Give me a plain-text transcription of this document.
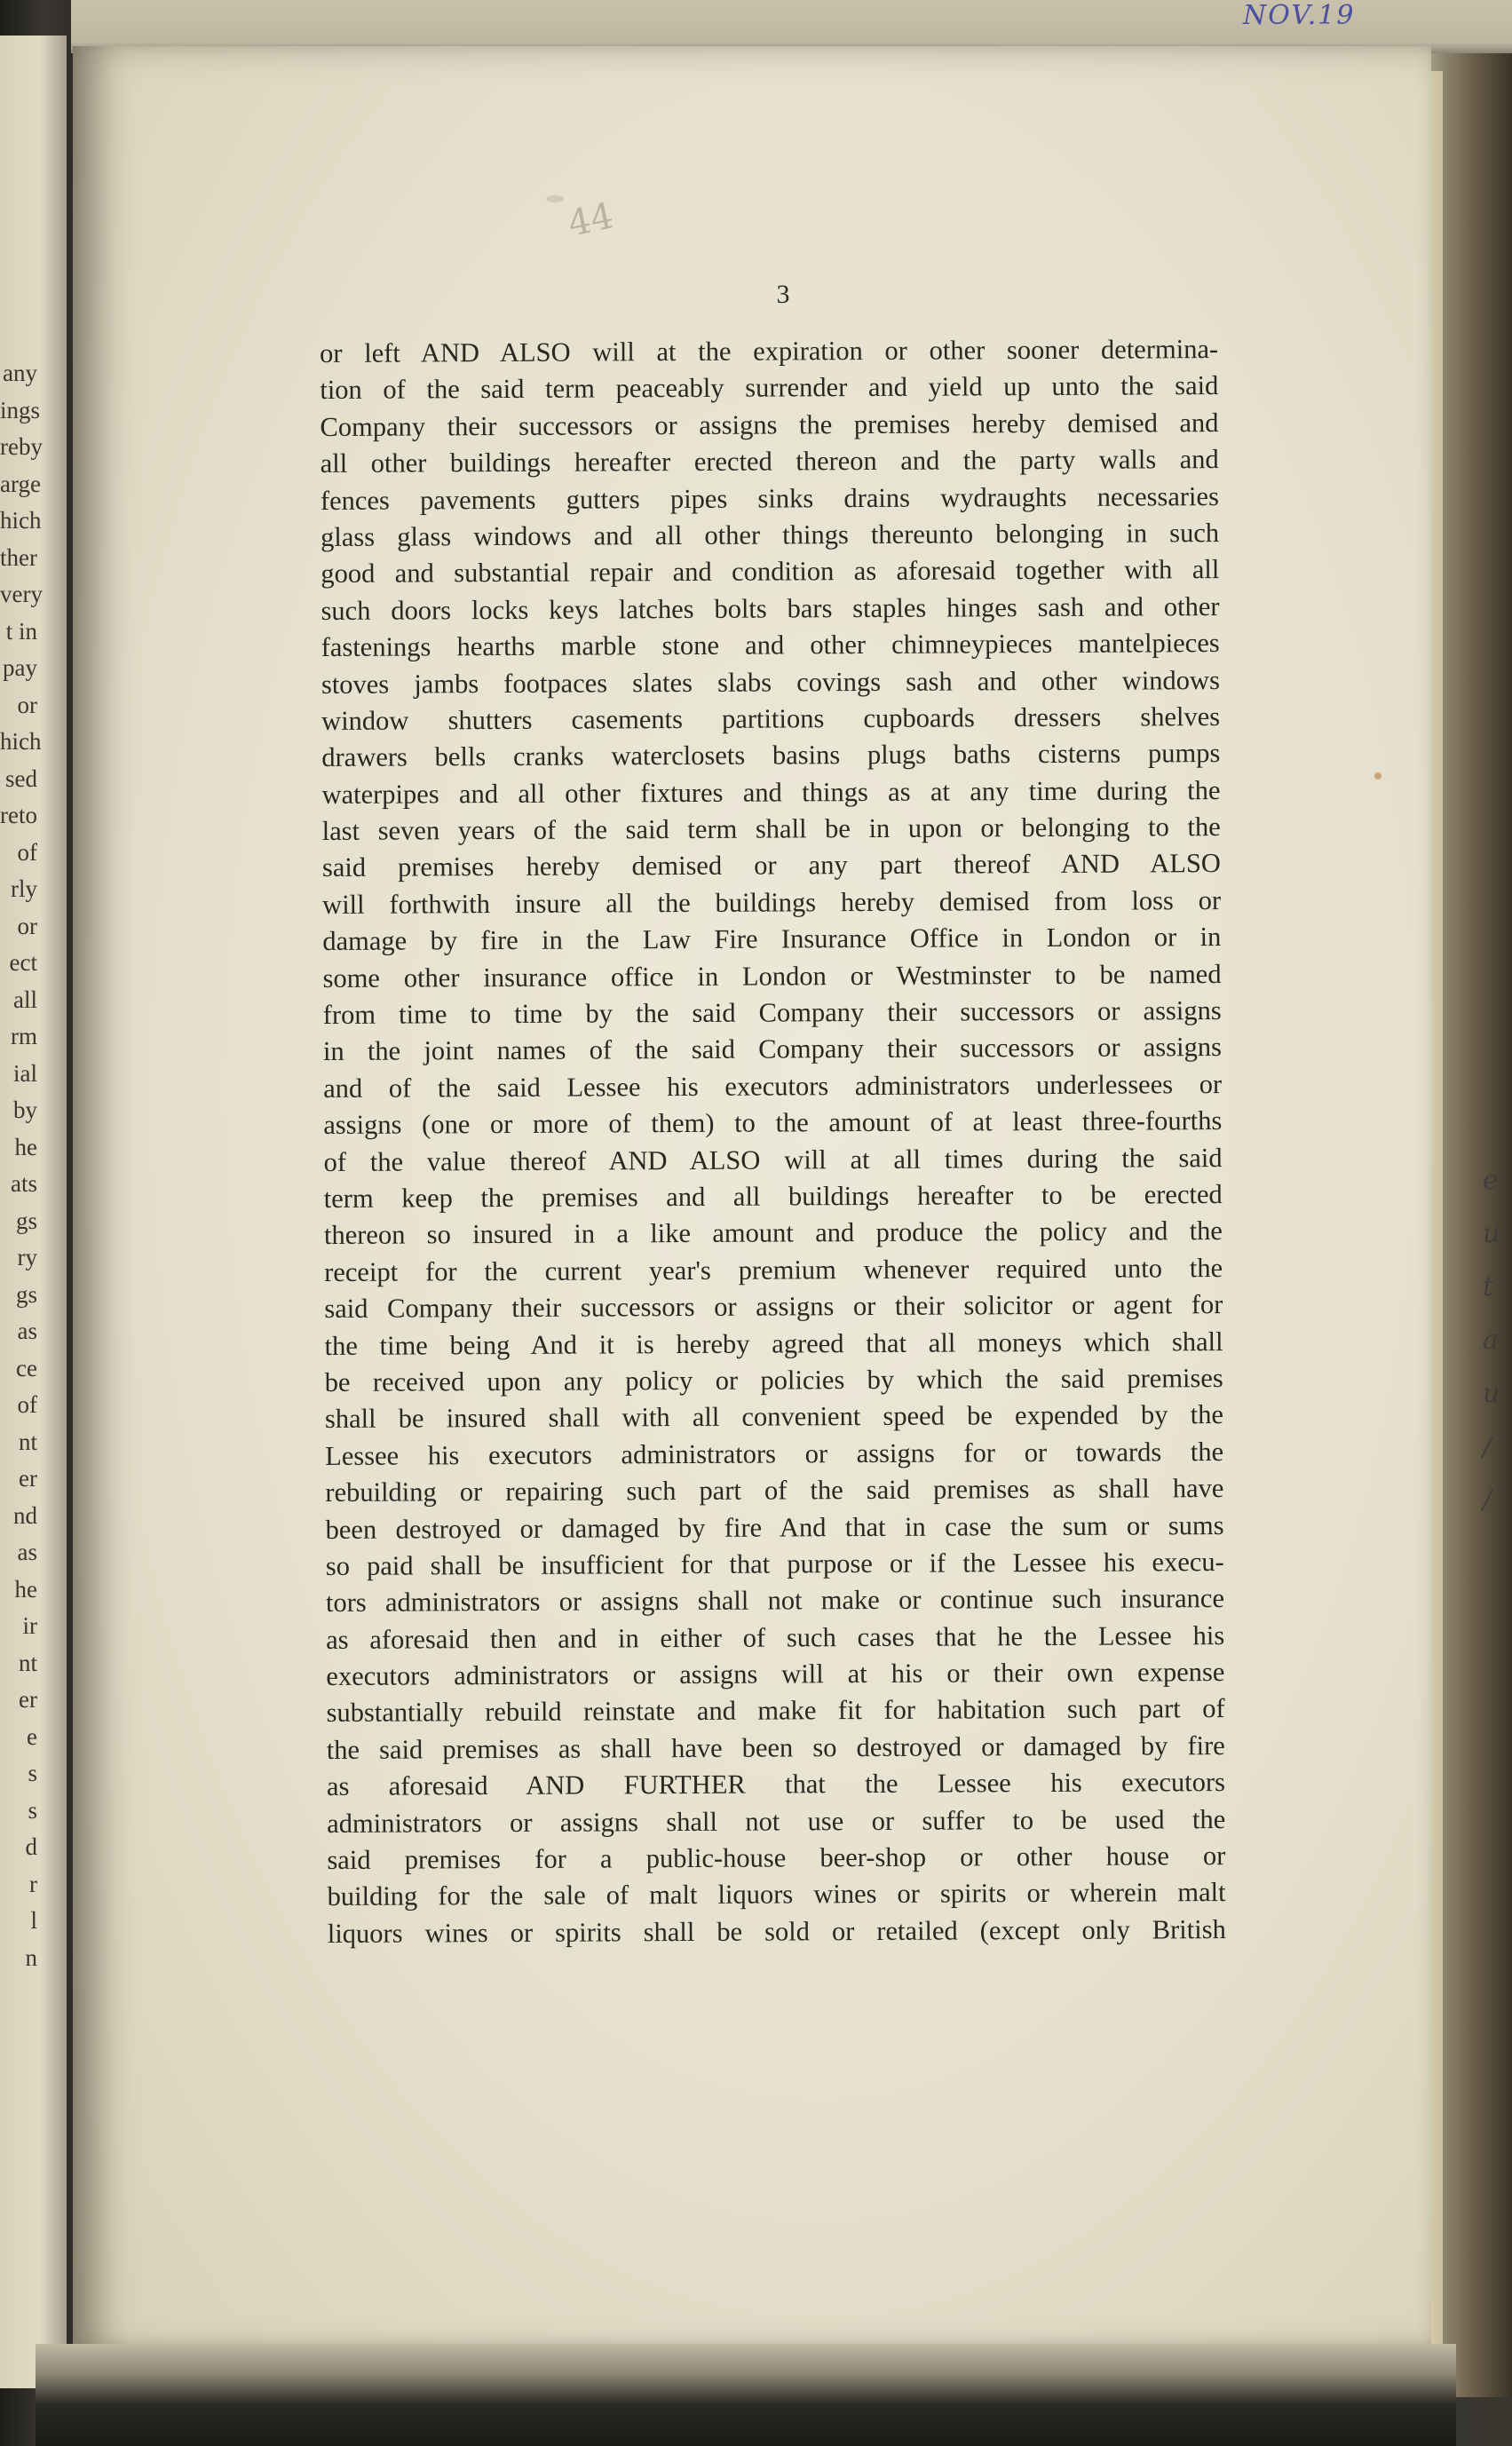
NOV.19
any
ings
reby
arge
hich
ther
very
t in
pay
or
hich
sed
reto
of
rly
or
ect
all
rm
ial
by
he
ats
gs
ry
gs
as
ce
of
nt
er
nd
as
he
ir
nt
er
e
s
s
d
r
l
n
e
u
t
a
u
/
/
44
3
or left AND ALSO will at the expiration or other sooner determina-
tion of the said term peaceably surrender and yield up unto the said
Company their successors or assigns the premises hereby demised and
all other buildings hereafter erected thereon and the party walls and
fences pavements gutters pipes sinks drains wydraughts necessaries
glass glass windows and all other things thereunto belonging in such
good and substantial repair and condition as aforesaid together with all
such doors locks keys latches bolts bars staples hinges sash and other
fastenings hearths marble stone and other chimneypieces mantelpieces
stoves jambs footpaces slates slabs covings sash and other windows
window shutters casements partitions cupboards dressers shelves
drawers bells cranks waterclosets basins plugs baths cisterns pumps
waterpipes and all other fixtures and things as at any time during the
last seven years of the said term shall be in upon or belonging to the
said premises hereby demised or any part thereof AND ALSO
will forthwith insure all the buildings hereby demised from loss or
damage by fire in the Law Fire Insurance Office in London or in
some other insurance office in London or Westminster to be named
from time to time by the said Company their successors or assigns
in the joint names of the said Company their successors or assigns
and of the said Lessee his executors administrators underlessees or
assigns (one or more of them) to the amount of at least three-fourths
of the value thereof AND ALSO will at all times during the said
term keep the premises and all buildings hereafter to be erected
thereon so insured in a like amount and produce the policy and the
receipt for the current year's premium whenever required unto the
said Company their successors or assigns or their solicitor or agent for
the time being And it is hereby agreed that all moneys which shall
be received upon any policy or policies by which the said premises
shall be insured shall with all convenient speed be expended by the
Lessee his executors administrators or assigns for or towards the
rebuilding or repairing such part of the said premises as shall have
been destroyed or damaged by fire And that in case the sum or sums
so paid shall be insufficient for that purpose or if the Lessee his execu-
tors administrators or assigns shall not make or continue such insurance
as aforesaid then and in either of such cases that he the Lessee his
executors administrators or assigns will at his or their own expense
substantially rebuild reinstate and make fit for habitation such part of
the said premises as shall have been so destroyed or damaged by fire
as aforesaid AND FURTHER that the Lessee his executors
administrators or assigns shall not use or suffer to be used the
said premises for a public-house beer-shop or other house or
building for the sale of malt liquors wines or spirits or wherein malt
liquors wines or spirits shall be sold or retailed (except only British
